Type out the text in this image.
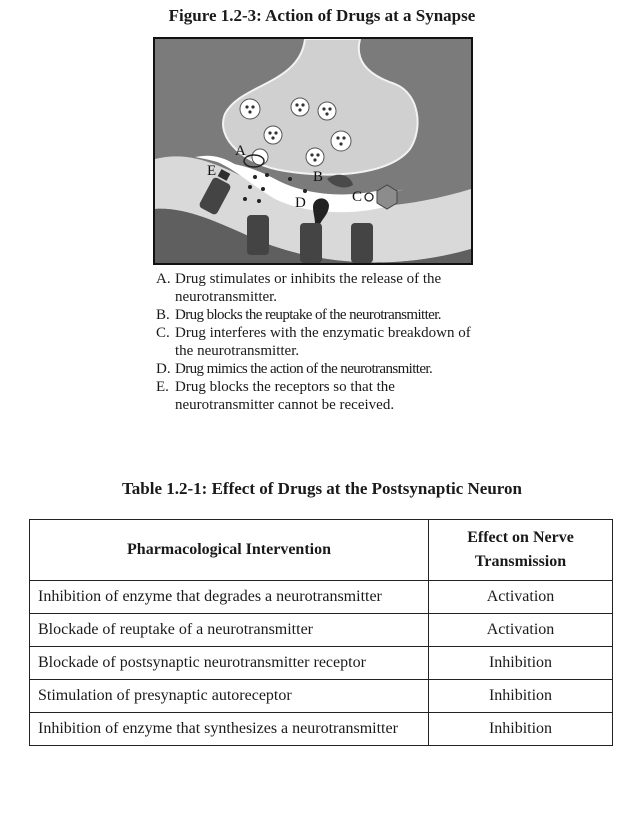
Figure 1.2-3: Action of Drugs at a Synapse
A
E	B
D	C
A. Drug stimulates or inhibits the release of the neurotransmitter.
B. Drug blocks the reuptake of the neurotransmitter.
C. Drug interferes with the enzymatic breakdown of the neurotransmitter.
D. Drug mimics the action of the neurotransmitter.
E. Drug blocks the receptors so that the neurotransmitter cannot be received.
Table 1.2-1: Effect of Drugs at the Postsynaptic Neuron
Pharmacological Intervention	Effect on Nerve Transmission
Inhibition of enzyme that degrades a neurotransmitter	Activation
Blockade of reuptake of a neurotransmitter	Activation
Blockade of postsynaptic neurotransmitter receptor	Inhibition
Stimulation of presynaptic autoreceptor	Inhibition
Inhibition of enzyme that synthesizes a neurotransmitter	Inhibition
